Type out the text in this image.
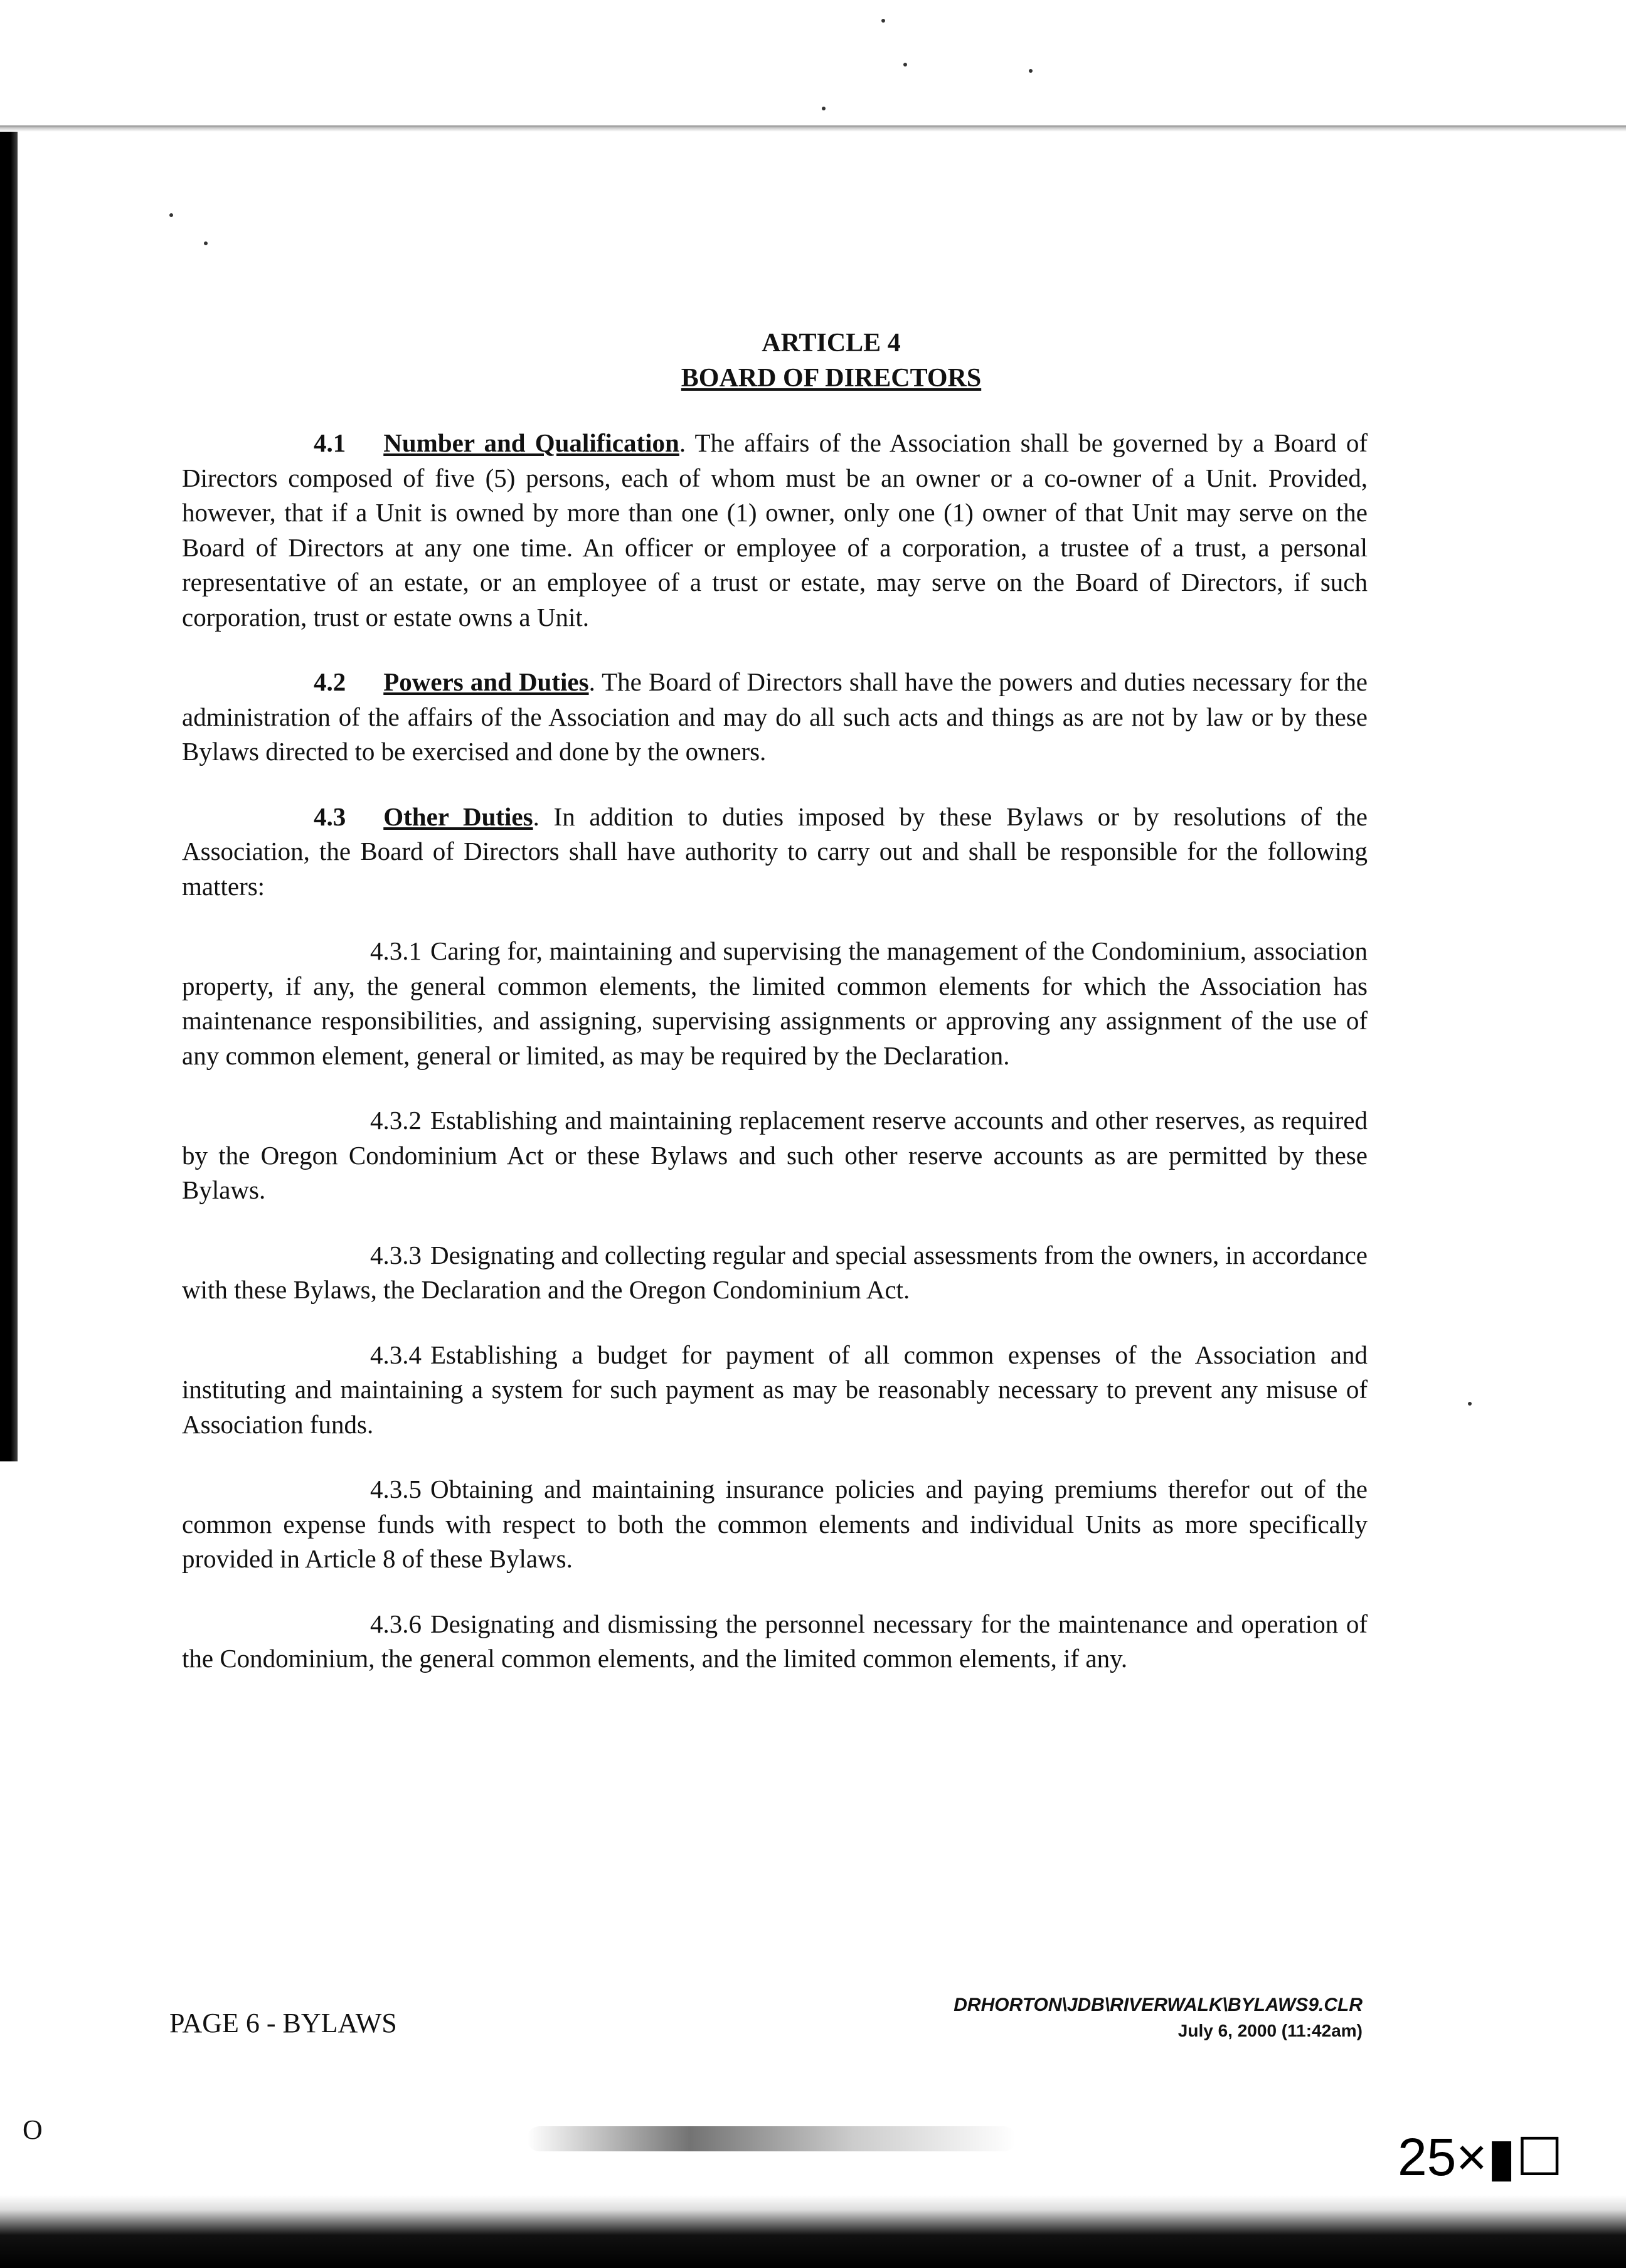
ARTICLE 4
BOARD OF DIRECTORS

4.1 Number and Qualification. The affairs of the Association shall be governed by a Board of Directors composed of five (5) persons, each of whom must be an owner or a co-owner of a Unit. Provided, however, that if a Unit is owned by more than one (1) owner, only one (1) owner of that Unit may serve on the Board of Directors at any one time. An officer or employee of a corporation, a trustee of a trust, a personal representative of an estate, or an employee of a trust or estate, may serve on the Board of Directors, if such corporation, trust or estate owns a Unit.

4.2 Powers and Duties. The Board of Directors shall have the powers and duties necessary for the administration of the affairs of the Association and may do all such acts and things as are not by law or by these Bylaws directed to be exercised and done by the owners.

4.3 Other Duties. In addition to duties imposed by these Bylaws or by resolutions of the Association, the Board of Directors shall have authority to carry out and shall be responsible for the following matters:

4.3.1 Caring for, maintaining and supervising the management of the Condominium, association property, if any, the general common elements, the limited common elements for which the Association has maintenance responsibilities, and assigning, supervising assignments or approving any assignment of the use of any common element, general or limited, as may be required by the Declaration.

4.3.2 Establishing and maintaining replacement reserve accounts and other reserves, as required by the Oregon Condominium Act or these Bylaws and such other reserve accounts as are permitted by these Bylaws.

4.3.3 Designating and collecting regular and special assessments from the owners, in accordance with these Bylaws, the Declaration and the Oregon Condominium Act.

4.3.4 Establishing a budget for payment of all common expenses of the Association and instituting and maintaining a system for such payment as may be reasonably necessary to prevent any misuse of Association funds.

4.3.5 Obtaining and maintaining insurance policies and paying premiums therefor out of the common expense funds with respect to both the common elements and individual Units as more specifically provided in Article 8 of these Bylaws.

4.3.6 Designating and dismissing the personnel necessary for the maintenance and operation of the Condominium, the general common elements, and the limited common elements, if any.

PAGE 6 - BYLAWS
DRHORTON\JDB\RIVERWALK\BYLAWS9.CLR
July 6, 2000 (11:42am)
O	25×▮☐
